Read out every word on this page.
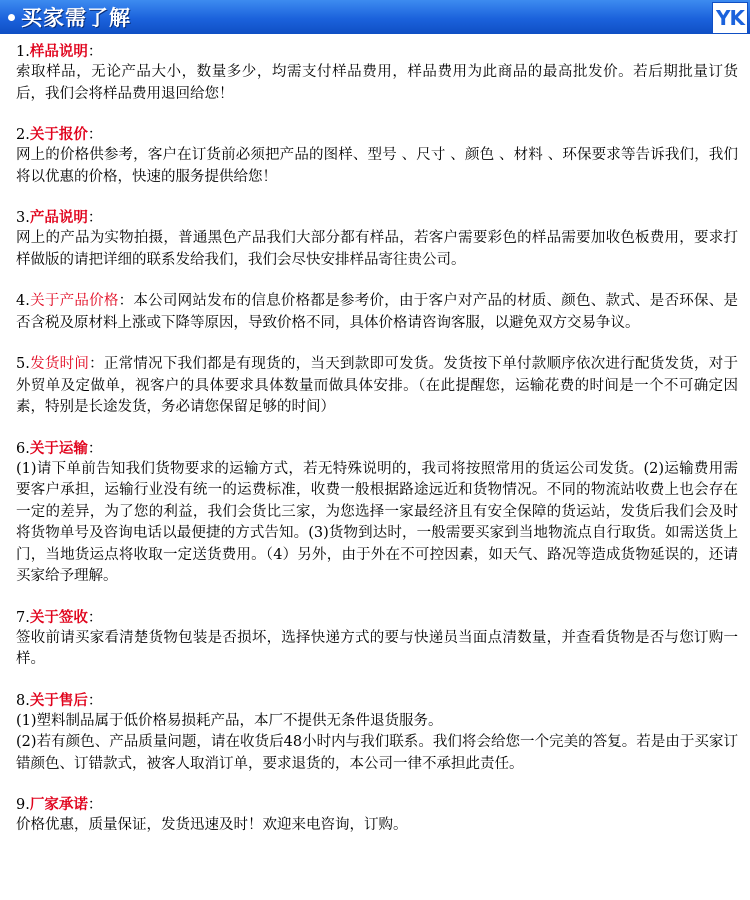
买家需了解	YK
1.样品说明：
索取样品，无论产品大小，数量多少，均需支付样品费用，样品费用为此商品的最高批发价。若后期批量订货后，我们会将样品费用退回给您！
2.关于报价：
网上的价格供参考，客户在订货前必须把产品的图样、型号 、尺寸 、颜色 、材料 、环保要求等告诉我们，我们将以优惠的价格，快速的服务提供给您！
3.产品说明：
网上的产品为实物拍摄，普通黑色产品我们大部分都有样品，若客户需要彩色的样品需要加收色板费用，要求打样做版的请把详细的联系发给我们，我们会尽快安排样品寄往贵公司。
4.关于产品价格：本公司网站发布的信息价格都是参考价，由于客户对产品的材质、颜色、款式、是否环保、是否含税及原材料上涨或下降等原因，导致价格不同，具体价格请咨询客服，以避免双方交易争议。
5.发货时间：正常情况下我们都是有现货的，当天到款即可发货。发货按下单付款顺序依次进行配货发货，对于外贸单及定做单，视客户的具体要求具体数量而做具体安排。（在此提醒您，运输花费的时间是一个不可确定因素，特别是长途发货，务必请您保留足够的时间）
6.关于运输：
(1)请下单前告知我们货物要求的运输方式，若无特殊说明的，我司将按照常用的货运公司发货。(2)运输费用需要客户承担，运输行业没有统一的运费标准，收费一般根据路途远近和货物情况。不同的物流站收费上也会存在一定的差异，为了您的利益，我们会货比三家，为您选择一家最经济且有安全保障的货运站，发货后我们会及时将货物单号及咨询电话以最便捷的方式告知。(3)货物到达时，一般需要买家到当地物流点自行取货。如需送货上门，当地货运点将收取一定送货费用。（4）另外，由于外在不可控因素，如天气、路况等造成货物延误的，还请买家给予理解。
7.关于签收：
签收前请买家看清楚货物包装是否损坏，选择快递方式的要与快递员当面点清数量，并查看货物是否与您订购一样。
8.关于售后：
(1)塑料制品属于低价格易损耗产品，本厂不提供无条件退货服务。
(2)若有颜色、产品质量问题，请在收货后48小时内与我们联系。我们将会给您一个完美的答复。若是由于买家订错颜色、订错款式，被客人取消订单，要求退货的，本公司一律不承担此责任。
9.厂家承诺：
价格优惠，质量保证，发货迅速及时！欢迎来电咨询，订购。
